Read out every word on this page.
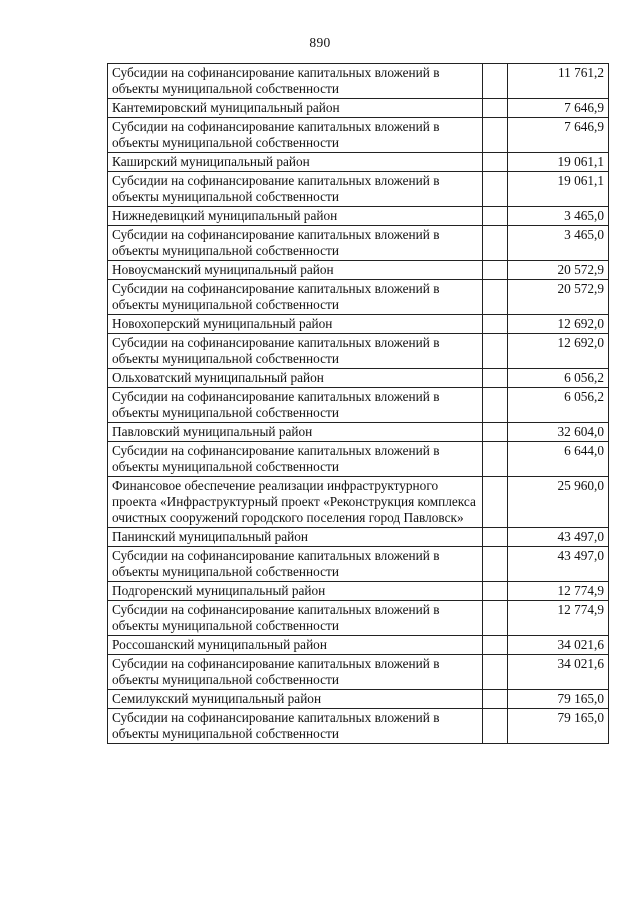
890
Субсидии на софинансирование капитальных вложений в объекты муниципальной собственности		11 761,2
Кантемировский муниципальный район		7 646,9
Субсидии на софинансирование капитальных вложений в объекты муниципальной собственности		7 646,9
Каширский муниципальный район		19 061,1
Субсидии на софинансирование капитальных вложений в объекты муниципальной собственности		19 061,1
Нижнедевицкий муниципальный район		3 465,0
Субсидии на софинансирование капитальных вложений в объекты муниципальной собственности		3 465,0
Новоусманский муниципальный район		20 572,9
Субсидии на софинансирование капитальных вложений в объекты муниципальной собственности		20 572,9
Новохоперский муниципальный район		12 692,0
Субсидии на софинансирование капитальных вложений в объекты муниципальной собственности		12 692,0
Ольховатский муниципальный район		6 056,2
Субсидии на софинансирование капитальных вложений в объекты муниципальной собственности		6 056,2
Павловский муниципальный район		32 604,0
Субсидии на софинансирование капитальных вложений в объекты муниципальной собственности		6 644,0
Финансовое обеспечение реализации инфраструктурного проекта «Инфраструктурный проект «Реконструкция комплекса очистных сооружений городского поселения город Павловск»		25 960,0
Панинский муниципальный район		43 497,0
Субсидии на софинансирование капитальных вложений в объекты муниципальной собственности		43 497,0
Подгоренский муниципальный район		12 774,9
Субсидии на софинансирование капитальных вложений в объекты муниципальной собственности		12 774,9
Россошанский муниципальный район		34 021,6
Субсидии на софинансирование капитальных вложений в объекты муниципальной собственности		34 021,6
Семилукский муниципальный район		79 165,0
Субсидии на софинансирование капитальных вложений в объекты муниципальной собственности		79 165,0
